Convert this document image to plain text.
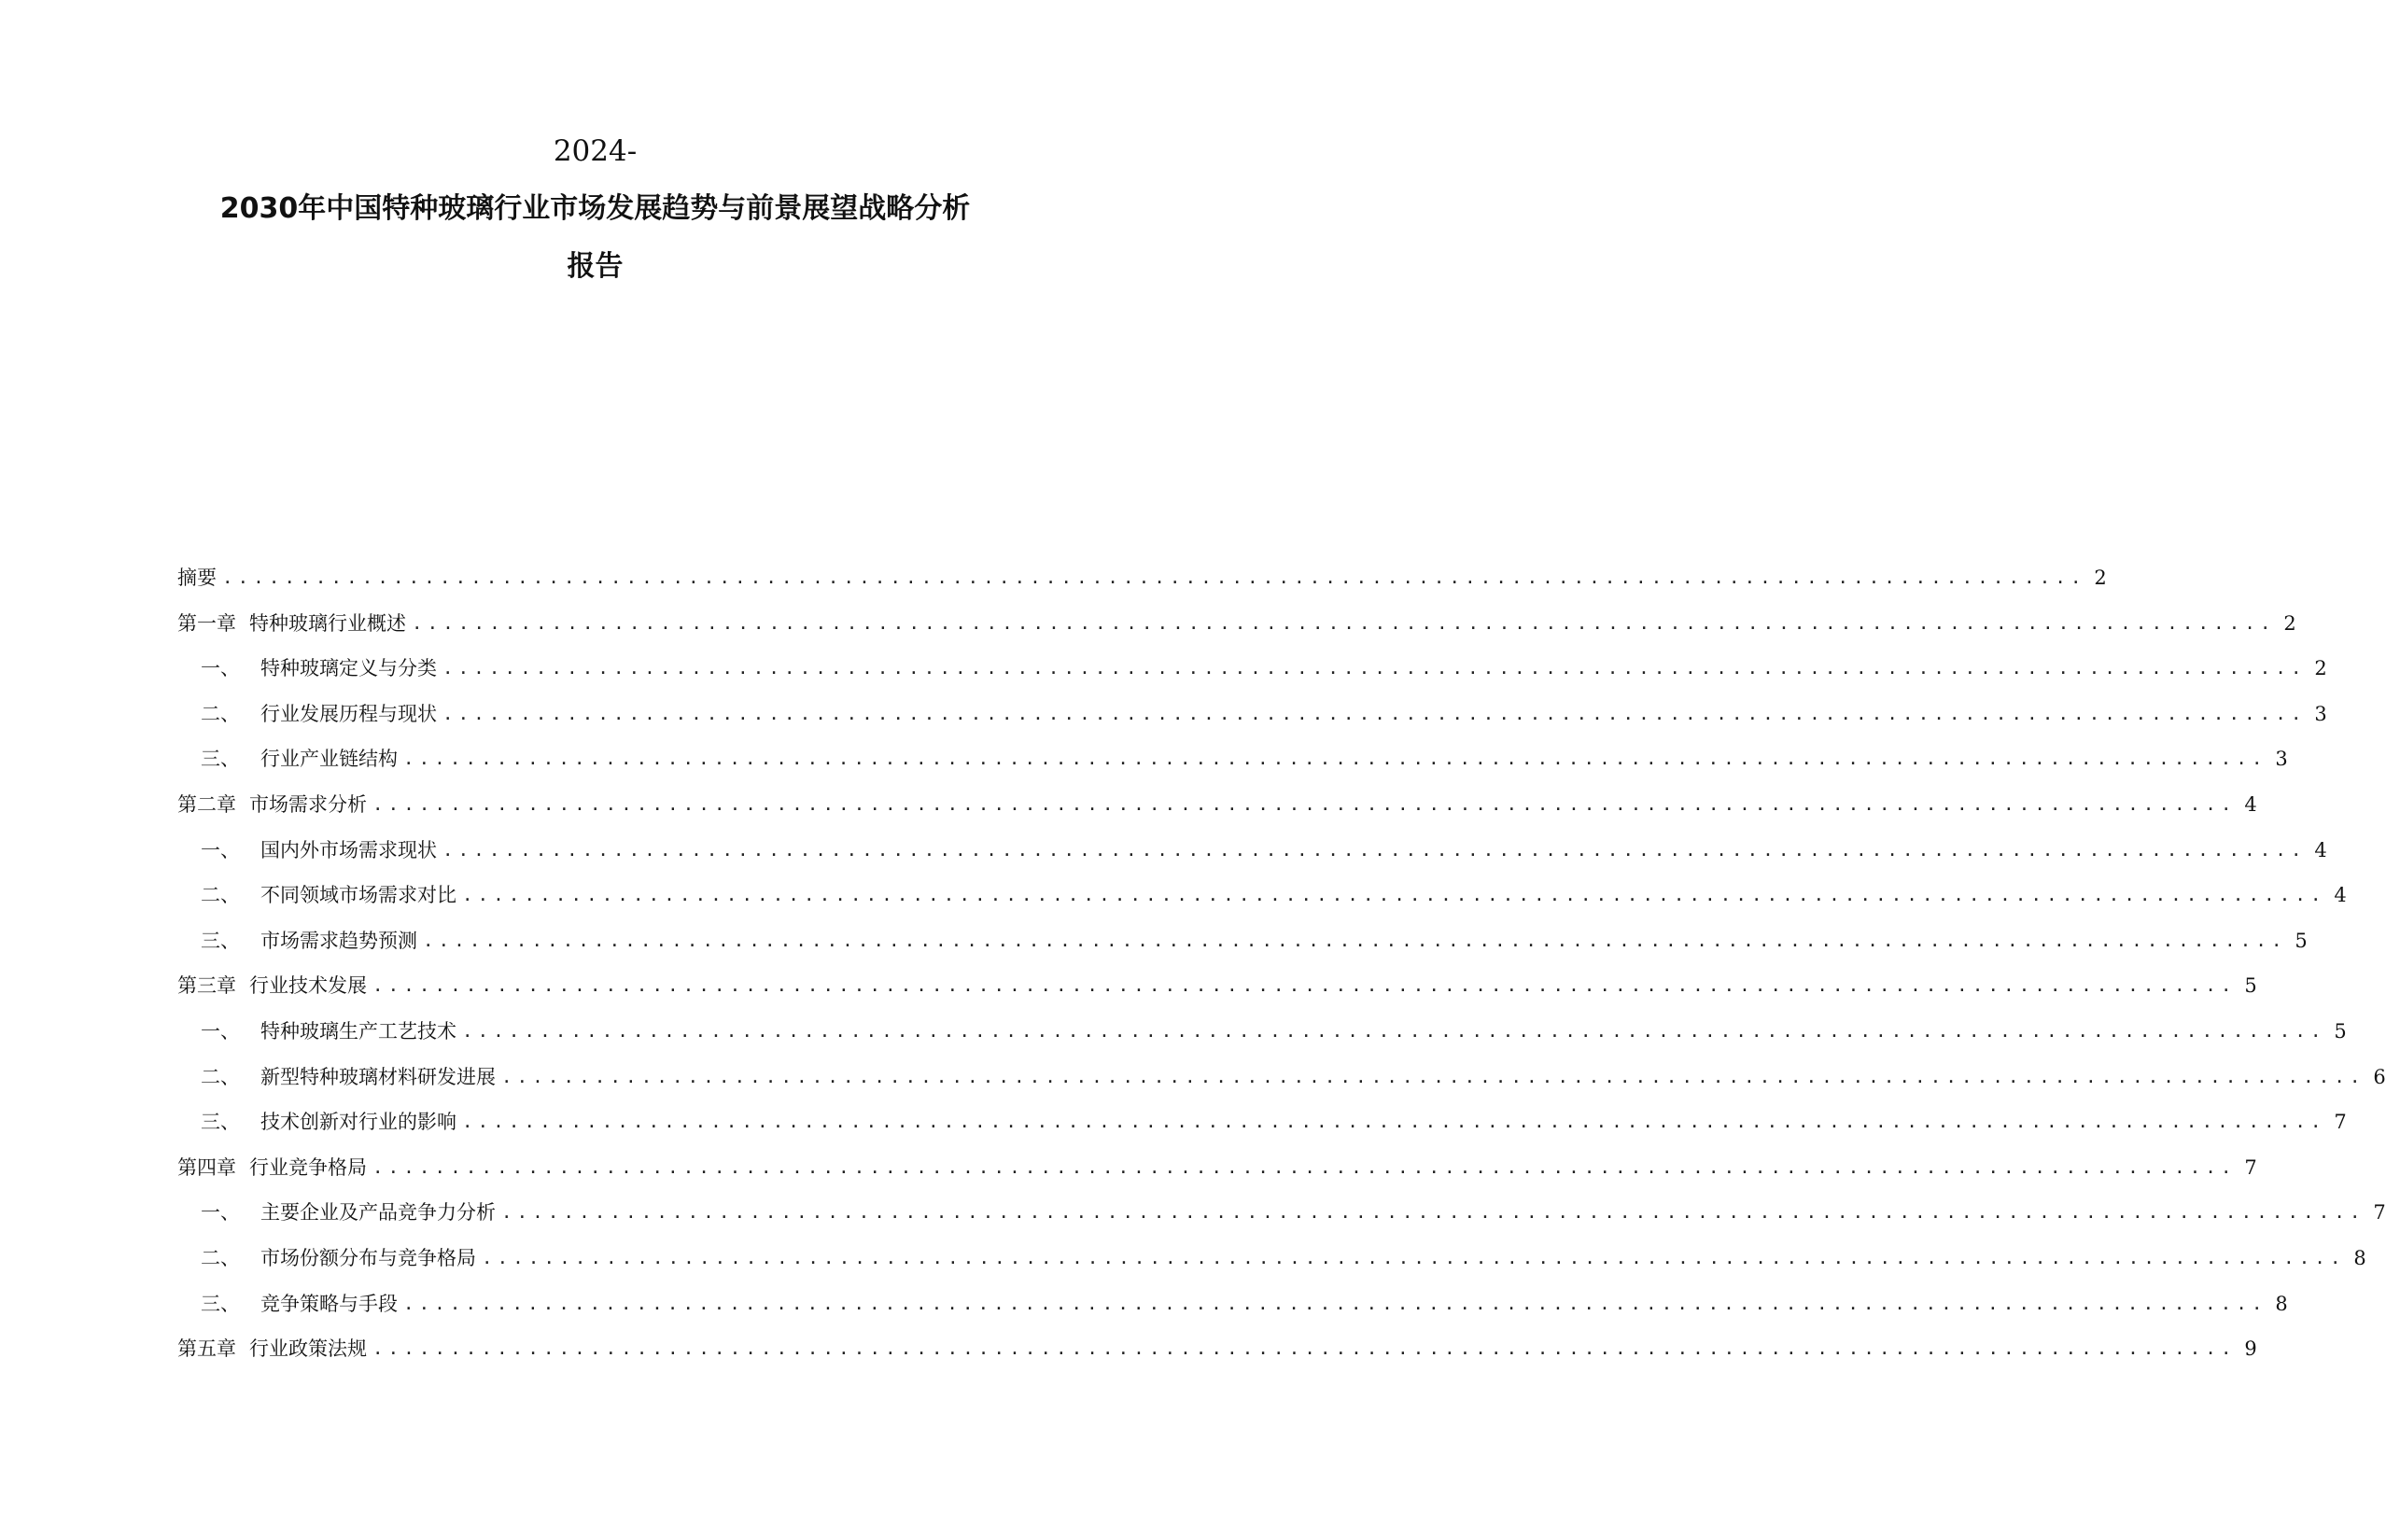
2024-
2030年中国特种玻璃行业市场发展趋势与前景展望战略分析
报告
摘要 ........................................................................................................................ 2
第一章 特种玻璃行业概述 ........................................................................................................................ 2
一、	特种玻璃定义与分类 ........................................................................................................................ 2
二、	行业发展历程与现状 ........................................................................................................................ 3
三、	行业产业链结构 ........................................................................................................................ 3
第二章 市场需求分析 ........................................................................................................................ 4
一、	国内外市场需求现状 ........................................................................................................................ 4
二、	不同领域市场需求对比 ........................................................................................................................ 4
三、	市场需求趋势预测 ........................................................................................................................ 5
第三章 行业技术发展 ........................................................................................................................ 5
一、	特种玻璃生产工艺技术 ........................................................................................................................ 5
二、	新型特种玻璃材料研发进展 ........................................................................................................................ 6
三、	技术创新对行业的影响 ........................................................................................................................ 7
第四章 行业竞争格局 ........................................................................................................................ 7
一、	主要企业及产品竞争力分析 ........................................................................................................................ 7
二、	市场份额分布与竞争格局 ........................................................................................................................ 8
三、	竞争策略与手段 ........................................................................................................................ 8
第五章 行业政策法规 ........................................................................................................................ 9
